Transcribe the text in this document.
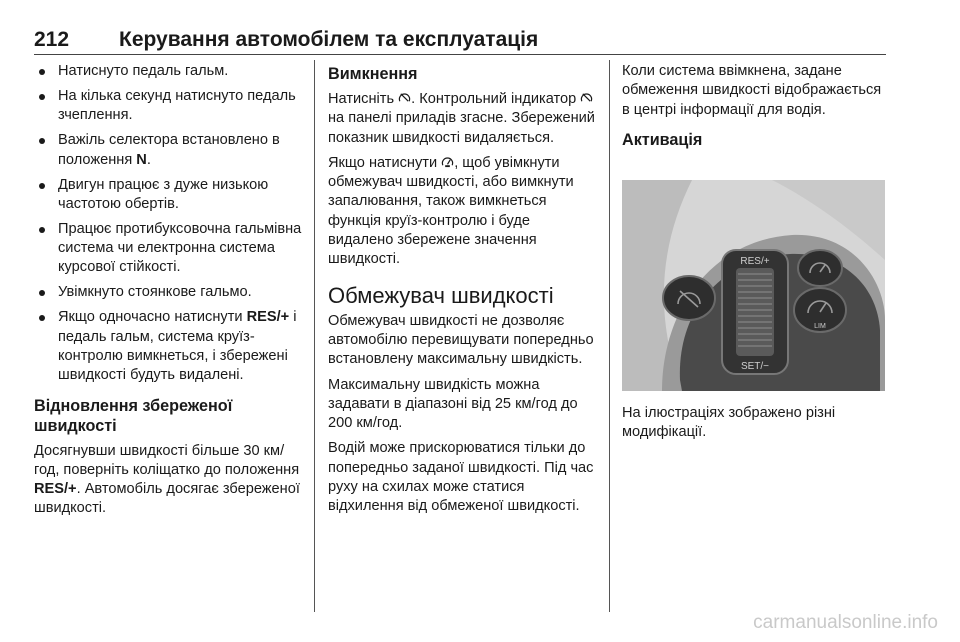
212 Керування автомобілем та експлуатація
Натиснуто педаль гальм.
На кілька секунд натиснуто педаль зчеплення.
Важіль селектора встановлено в положення N.
Двигун працює з дуже низькою частотою обертів.
Працює протибуксовочна гальмівна система чи електронна система курсової стійкості.
Увімкнуто стоянкове гальмо.
Якщо одночасно натиснути RES/+ і педаль гальм, система круїз-контролю вимкнеться, і збережені швидкості будуть видалені.
Відновлення збереженої швидкості

Досягнувши швидкості більше 30 км/год, поверніть коліщатко до положення RES/+. Автомобіль досягає збереженої швидкості.

Вимкнення

Натисніть . Контрольний індикатор  на панелі приладів згасне. Збережений показник швидкості видаляється.

Якщо натиснути , щоб увімкнути обмежувач швидкості, або вимкнути запалювання, також вимкнеться функція круїз-контролю і буде видалено збережене значення швидкості.

Обмежувач швидкості

Обмежувач швидкості не дозволяє автомобілю перевищувати попередньо встановлену максимальну швидкість.

Максимальну швидкість можна задавати в діапазоні від 25 км/год до 200 км/год.

Водій може прискорюватися тільки до попередньо заданої швидкості. Під час руху на схилах може статися відхилення від обмеженої швидкості.

Коли система ввімкнена, задане обмеження швидкості відображається в центрі інформації для водія.

Активація
RES/+
SET/−
LIM

На ілюстраціях зображено різні модифікації.

carmanualsonline.info
